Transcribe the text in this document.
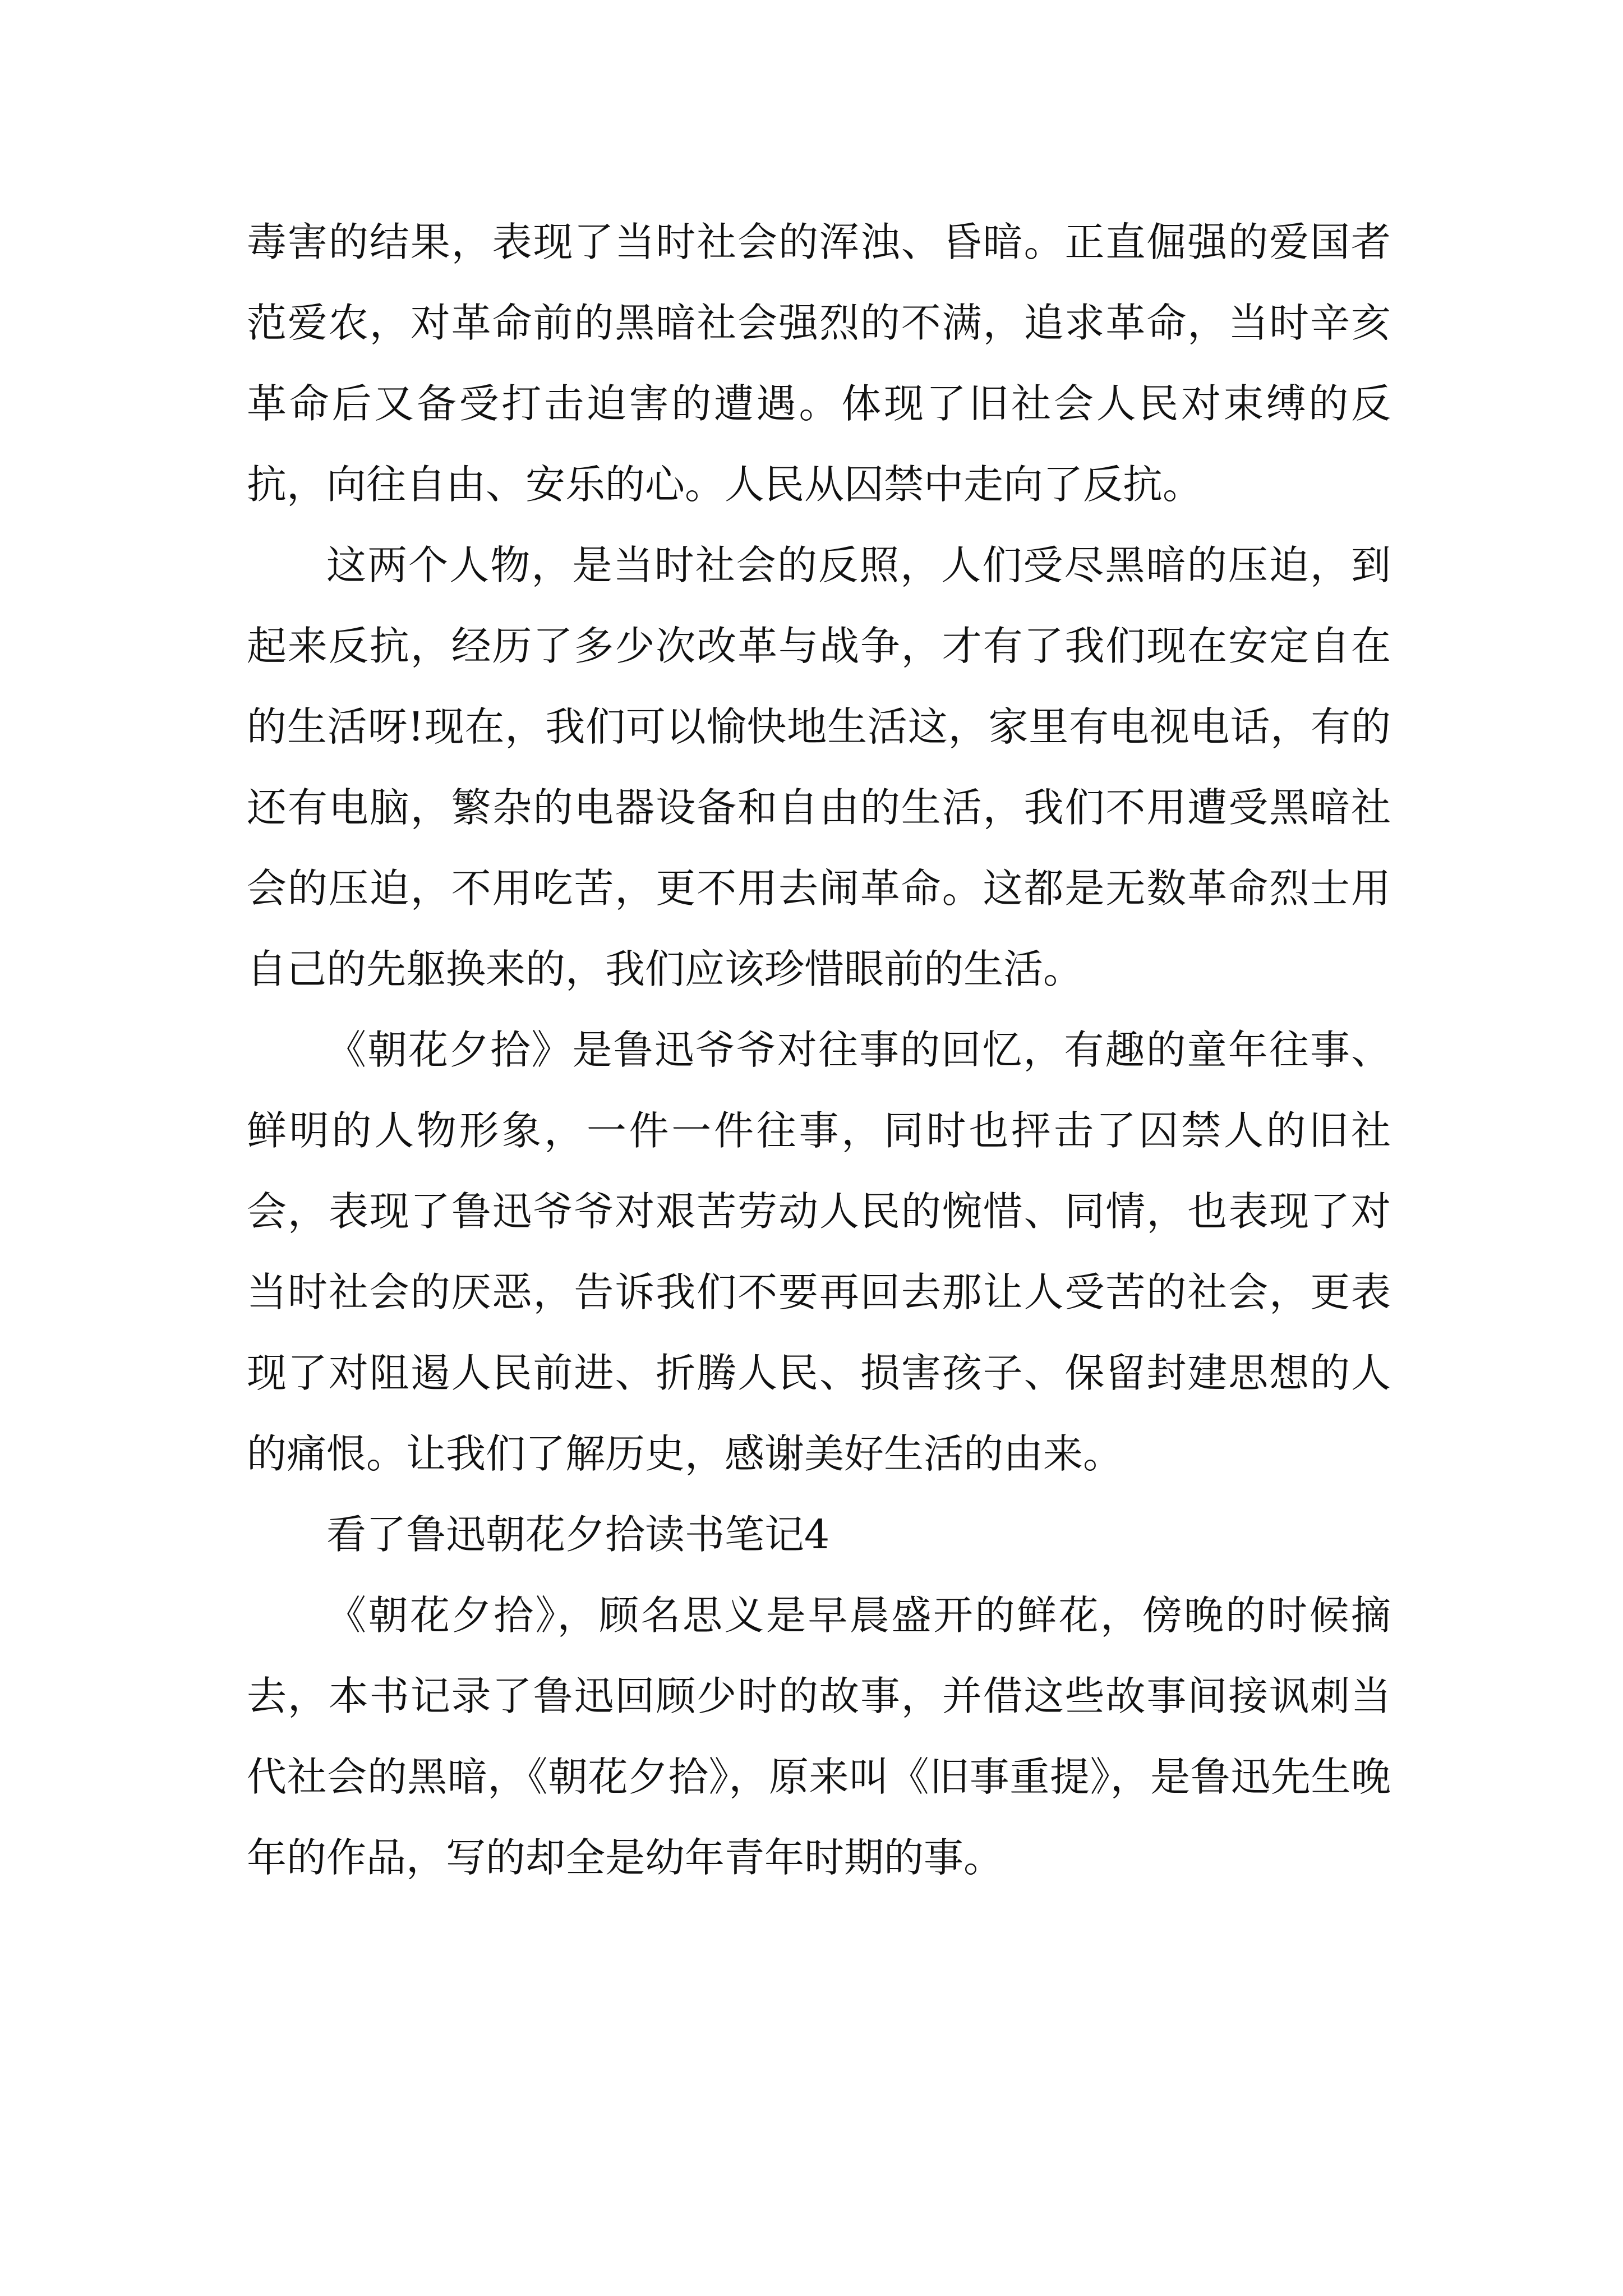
毒害的结果，表现了当时社会的浑浊、昏暗。正直倔强的爱国者范爱农，对革命前的黑暗社会强烈的不满，追求革命，当时辛亥革命后又备受打击迫害的遭遇。体现了旧社会人民对束缚的反抗，向往自由、安乐的心。人民从囚禁中走向了反抗。

这两个人物，是当时社会的反照，人们受尽黑暗的压迫，到起来反抗，经历了多少次改革与战争，才有了我们现在安定自在的生活呀!现在，我们可以愉快地生活这，家里有电视电话，有的还有电脑，繁杂的电器设备和自由的生活，我们不用遭受黑暗社会的压迫，不用吃苦，更不用去闹革命。这都是无数革命烈士用自己的先躯换来的，我们应该珍惜眼前的生活。

《朝花夕拾》是鲁迅爷爷对往事的回忆，有趣的童年往事、鲜明的人物形象，一件一件往事，同时也抨击了囚禁人的旧社会，表现了鲁迅爷爷对艰苦劳动人民的惋惜、同情，也表现了对当时社会的厌恶，告诉我们不要再回去那让人受苦的社会，更表现了对阻遏人民前进、折腾人民、损害孩子、保留封建思想的人的痛恨。让我们了解历史，感谢美好生活的由来。

看了鲁迅朝花夕拾读书笔记4

《朝花夕拾》，顾名思义是早晨盛开的鲜花，傍晚的时候摘去，本书记录了鲁迅回顾少时的故事，并借这些故事间接讽刺当代社会的黑暗，《朝花夕拾》，原来叫《旧事重提》，是鲁迅先生晚年的作品，写的却全是幼年青年时期的事。
